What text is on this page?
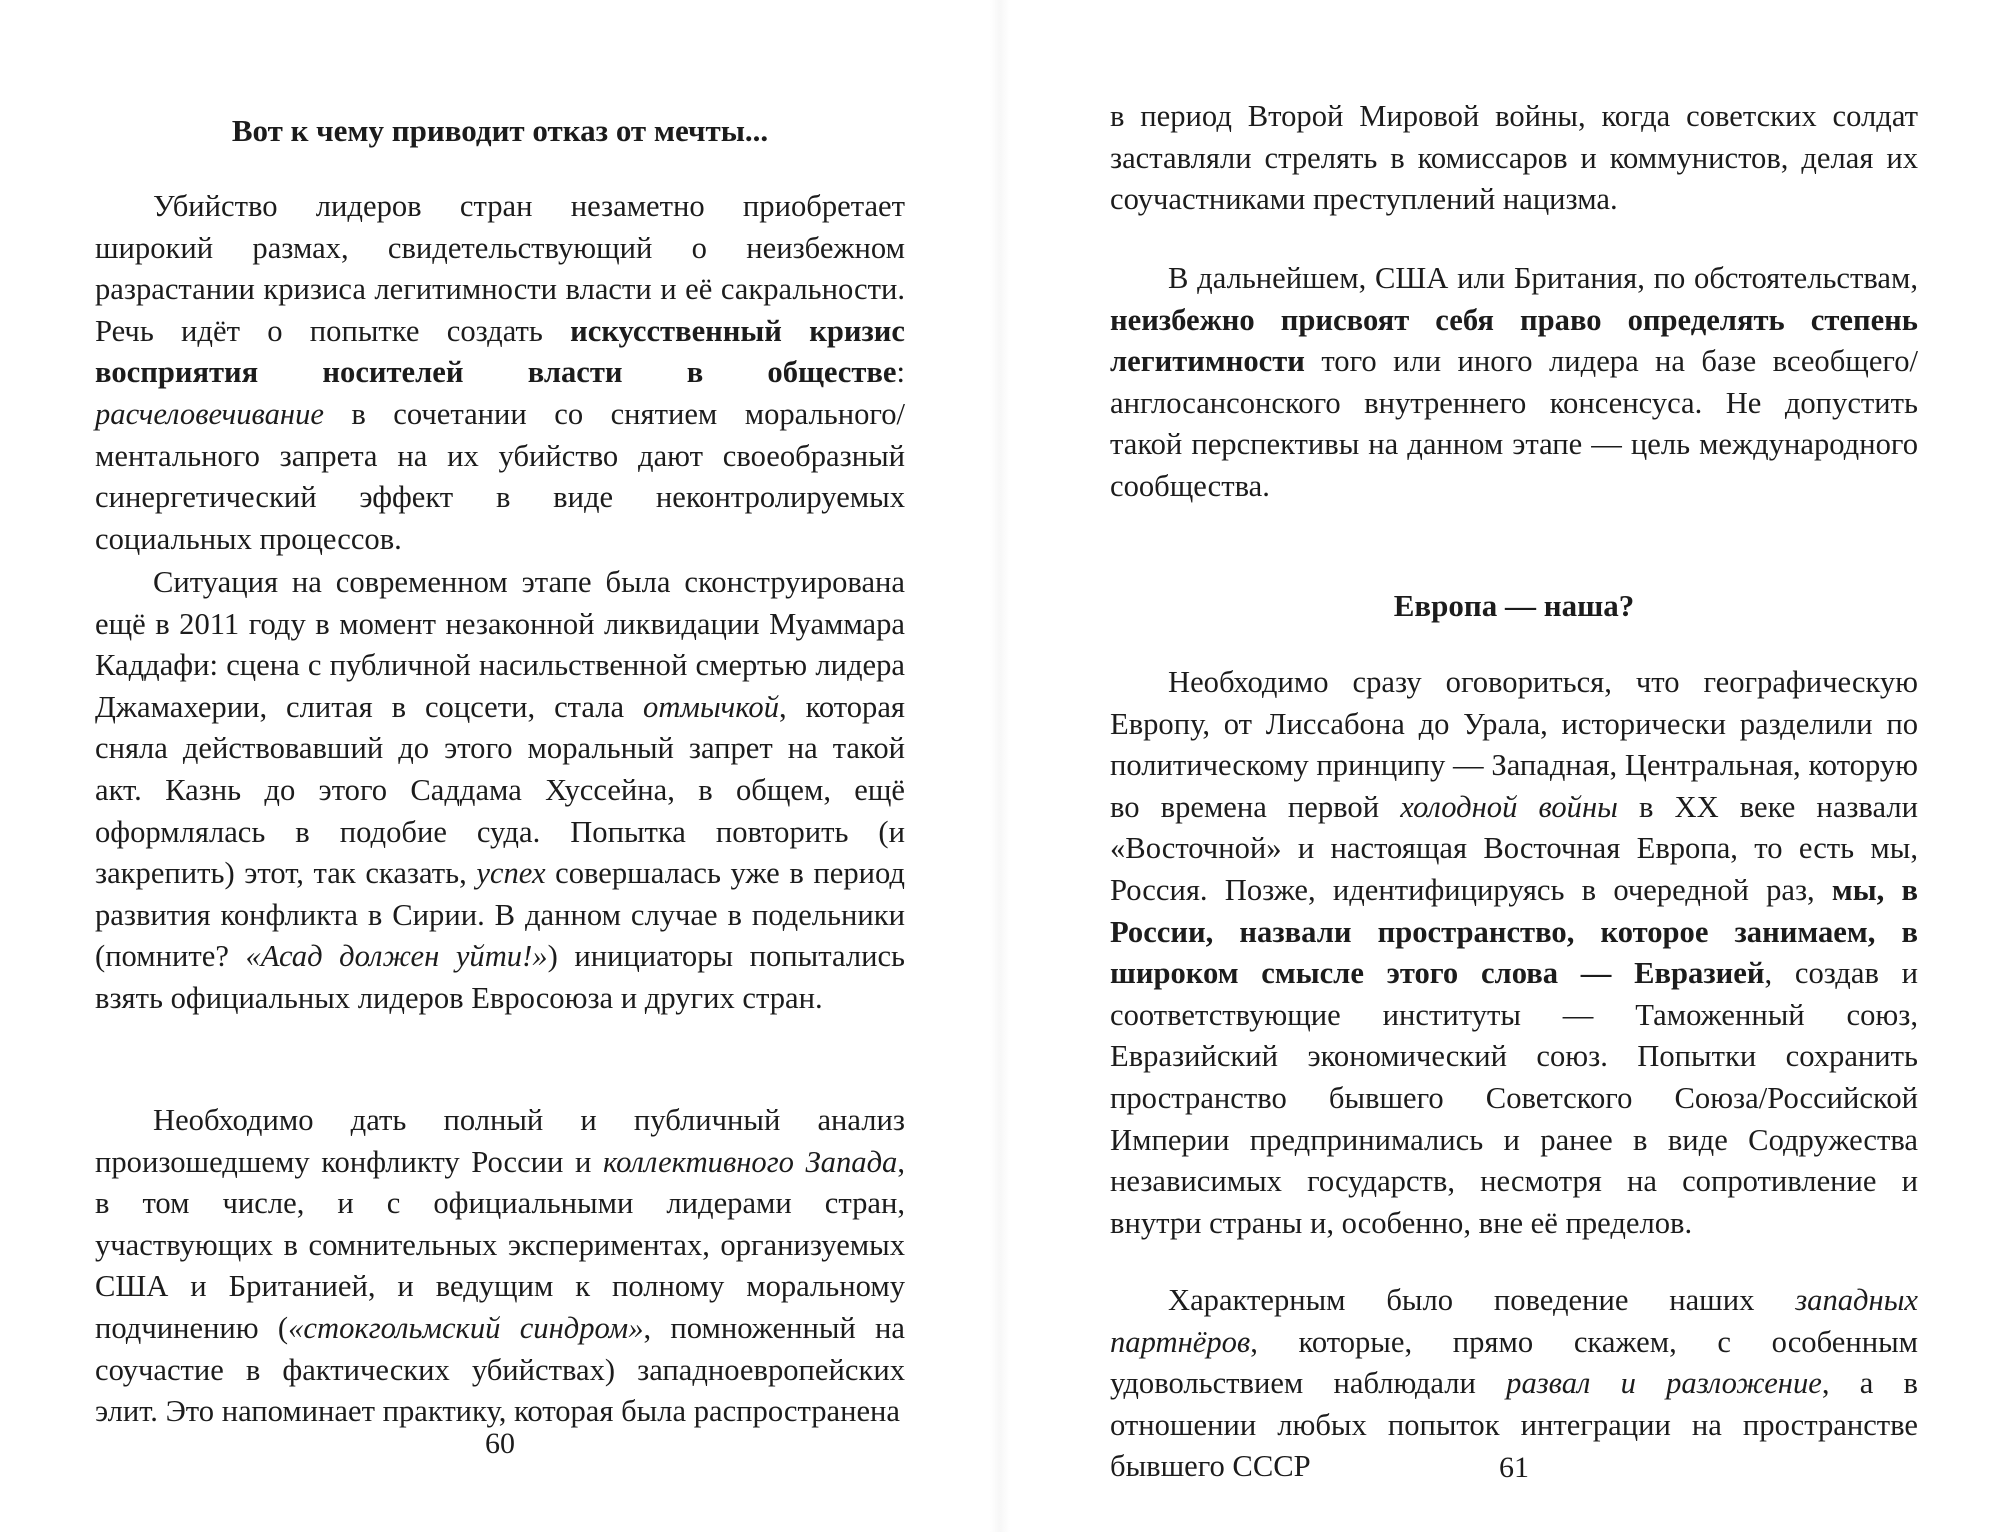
Вот к чему приводит отказ от мечты...

Убийство лидеров стран незаметно приобретает широкий размах, свидетельствующий о неизбежном разрастании кризиса легитимности власти и её сакральности. Речь идёт о попытке создать искусственный кризис восприятия носителей власти в обществе: расчеловечивание в сочетании со снятием морального/ментального запрета на их убийство дают своеобразный синергетический эффект в виде неконтролируемых социальных процессов.

Ситуация на современном этапе была сконструирована ещё в 2011 году в момент незаконной ликвидации Муаммара Каддафи: сцена с публичной насильственной смертью лидера Джамахерии, слитая в соцсети, стала отмычкой, которая сняла действовавший до этого моральный запрет на такой акт. Казнь до этого Саддама Хуссейна, в общем, ещё оформлялась в подобие суда. Попытка повторить (и закрепить) этот, так сказать, успех совершалась уже в период развития конфликта в Сирии. В данном случае в подельники (помните? «Асад должен уйти!») инициаторы попытались взять официальных лидеров Евросоюза и других стран.

Необходимо дать полный и публичный анализ произошедшему конфликту России и коллективного Запада, в том числе, и с официальными лидерами стран, участвующих в сомнительных экспериментах, организуемых США и Британией, и ведущим к полному моральному подчинению («стокгольмский синдром», помноженный на соучастие в фактических убийствах) западноевропейских элит. Это напоминает практику, которая была распространена

60

в период Второй Мировой войны, когда советских солдат заставляли стрелять в комиссаров и коммунистов, делая их соучастниками преступлений нацизма.

В дальнейшем, США или Британия, по обстоятельствам, неизбежно присвоят себя право определять степень легитимности того или иного лидера на базе всеобщего/англосансонского внутреннего консенсуса. Не допустить такой перспективы на данном этапе — цель международного сообщества.

Европа — наша?

Необходимо сразу оговориться, что географическую Европу, от Лиссабона до Урала, исторически разделили по политическому принципу — Западная, Центральная, которую во времена первой холодной войны в XX веке назвали «Восточной» и настоящая Восточная Европа, то есть мы, Россия. Позже, идентифицируясь в очередной раз, мы, в России, назвали пространство, которое занимаем, в широком смысле этого слова — Евразией, создав и соответствующие институты — Таможенный союз, Евразийский экономический союз. Попытки сохранить пространство бывшего Советского Союза/Российской Империи предпринимались и ранее в виде Содружества независимых государств, несмотря на сопротивление и внутри страны и, особенно, вне её пределов.

Характерным было поведение наших западных партнёров, которые, прямо скажем, с особенным удовольствием наблюдали развал и разложение, а в отношении любых попыток интеграции на пространстве бывшего СССР	61
